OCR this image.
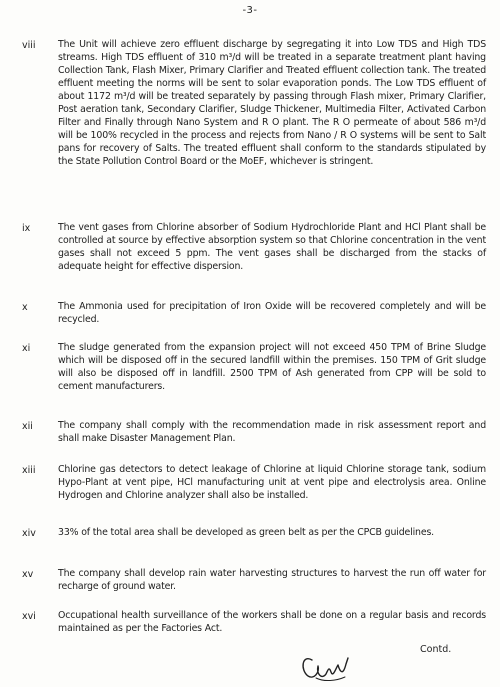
-3-
viii	The Unit will achieve zero effluent discharge by segregating it into Low TDS and High TDS streams. High TDS effluent of 310 m³/d will be treated in a separate treatment plant having Collection Tank, Flash Mixer, Primary Clarifier and Treated effluent collection tank. The treated effluent meeting the norms will be sent to solar evaporation ponds. The Low TDS effluent of about 1172 m³/d will be treated separately by passing through Flash mixer, Primary Clarifier, Post aeration tank, Secondary Clarifier, Sludge Thickener, Multimedia Filter, Activated Carbon Filter and Finally through Nano System and R O plant. The R O permeate of about 586 m³/d will be 100% recycled in the process and rejects from Nano / R O systems will be sent to Salt pans for recovery of Salts. The treated effluent shall conform to the standards stipulated by the State Pollution Control Board or the MoEF, whichever is stringent.
ix	The vent gases from Chlorine absorber of Sodium Hydrochloride Plant and HCl Plant shall be controlled at source by effective absorption system so that Chlorine concentration in the vent gases shall not exceed 5 ppm. The vent gases shall be discharged from the stacks of adequate height for effective dispersion.
x	The Ammonia used for precipitation of Iron Oxide will be recovered completely and will be recycled.
xi	The sludge generated from the expansion project will not exceed 450 TPM of Brine Sludge which will be disposed off in the secured landfill within the premises. 150 TPM of Grit sludge will also be disposed off in landfill. 2500 TPM of Ash generated from CPP will be sold to cement manufacturers.
xii	The company shall comply with the recommendation made in risk assessment report and shall make Disaster Management Plan.
xiii	Chlorine gas detectors to detect leakage of Chlorine at liquid Chlorine storage tank, sodium Hypo-Plant at vent pipe, HCl manufacturing unit at vent pipe and electrolysis area. Online Hydrogen and Chlorine analyzer shall also be installed.
xiv	33% of the total area shall be developed as green belt as per the CPCB guidelines.
xv	The company shall develop rain water harvesting structures to harvest the run off water for recharge of ground water.
xvi	Occupational health surveillance of the workers shall be done on a regular basis and records maintained as per the Factories Act.
Contd.
